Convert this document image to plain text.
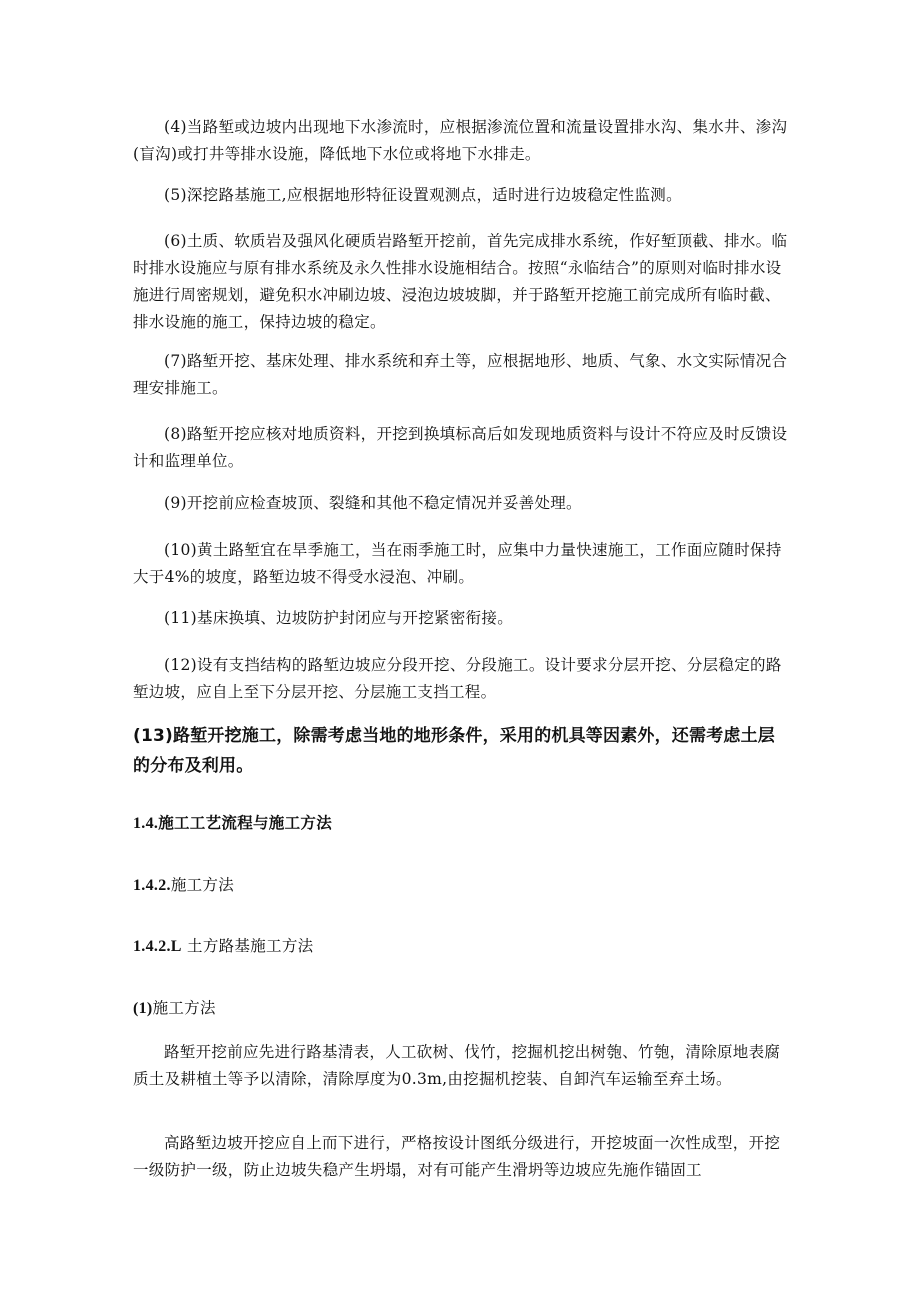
(4)当路堑或边坡内出现地下水渗流时，应根据渗流位置和流量设置排水沟、集水井、渗沟(盲沟)或打井等排水设施，降低地下水位或将地下水排走。

(5)深挖路基施工,应根据地形特征设置观测点，适时进行边坡稳定性监测。

(6)土质、软质岩及强风化硬质岩路堑开挖前，首先完成排水系统，作好堑顶截、排水。临时排水设施应与原有排水系统及永久性排水设施相结合。按照“永临结合”的原则对临时排水设施进行周密规划，避免积水冲刷边坡、浸泡边坡坡脚，并于路堑开挖施工前完成所有临时截、排水设施的施工，保持边坡的稳定。

(7)路堑开挖、基床处理、排水系统和弃土等，应根据地形、地质、气象、水文实际情况合理安排施工。

(8)路堑开挖应核对地质资料，开挖到换填标高后如发现地质资料与设计不符应及时反馈设计和监理单位。

(9)开挖前应检查坡顶、裂缝和其他不稳定情况并妥善处理。

(10)黄土路堑宜在旱季施工，当在雨季施工时，应集中力量快速施工，工作面应随时保持大于4%的坡度，路堑边坡不得受水浸泡、冲刷。

(11)基床换填、边坡防护封闭应与开挖紧密衔接。

(12)设有支挡结构的路堑边坡应分段开挖、分段施工。设计要求分层开挖、分层稳定的路堑边坡，应自上至下分层开挖、分层施工支挡工程。

(13)路堑开挖施工，除需考虑当地的地形条件，采用的机具等因素外，还需考虑土层的分布及利用。

1.4.施工工艺流程与施工方法

1.4.2.施工方法

1.4.2.L 土方路基施工方法

(1)施工方法

路堑开挖前应先进行路基清表，人工砍树、伐竹，挖掘机挖出树匏、竹匏，清除原地表腐质土及耕植土等予以清除，清除厚度为0.3m,由挖掘机挖装、自卸汽车运输至弃土场。

高路堑边坡开挖应自上而下进行，严格按设计图纸分级进行，开挖坡面一次性成型，开挖一级防护一级，防止边坡失稳产生坍塌，对有可能产生滑坍等边坡应先施作锚固工
